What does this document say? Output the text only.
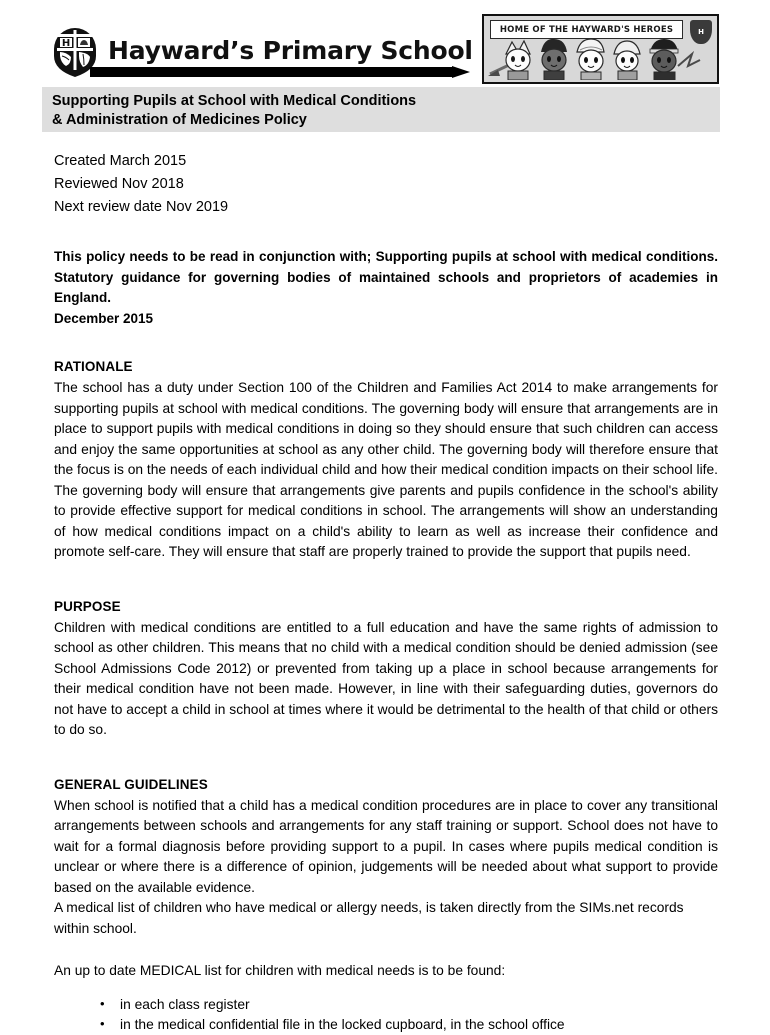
H Hayward’s Primary School
HOME OF THE HAYWARD'S HEROES	H
Supporting Pupils at School with Medical Conditions
& Administration of Medicines Policy

Created March 2015

Reviewed Nov 2018

Next review date Nov 2019

This policy needs to be read in conjunction with; Supporting pupils at school with medical conditions. Statutory guidance for governing bodies of maintained schools and proprietors of academies in England.
December 2015

RATIONALE

The school has a duty under Section 100 of the Children and Families Act 2014 to make arrangements for supporting pupils at school with medical conditions. The governing body will ensure that arrangements are in place to support pupils with medical conditions in doing so they should ensure that such children can access and enjoy the same opportunities at school as any other child. The governing body will therefore ensure that the focus is on the needs of each individual child and how their medical condition impacts on their school life. The governing body will ensure that arrangements give parents and pupils confidence in the school's ability to provide effective support for medical conditions in school. The arrangements will show an understanding of how medical conditions impact on a child's ability to learn as well as increase their confidence and promote self-care. They will ensure that staff are properly trained to provide the support that pupils need.

PURPOSE

Children with medical conditions are entitled to a full education and have the same rights of admission to school as other children. This means that no child with a medical condition should be denied admission (see School Admissions Code 2012) or prevented from taking up a place in school because arrangements for their medical condition have not been made. However, in line with their safeguarding duties, governors do not have to accept a child in school at times where it would be detrimental to the health of that child or others to do so.

GENERAL GUIDELINES

When school is notified that a child has a medical condition procedures are in place to cover any transitional arrangements between schools and arrangements for any staff training or support. School does not have to wait for a formal diagnosis before providing support to a pupil. In cases where pupils medical condition is unclear or where there is a difference of opinion, judgements will be needed about what support to provide based on the available evidence.

A medical list of children who have medical or allergy needs, is taken directly from the SIMs.net records within school.

An up to date MEDICAL list for children with medical needs is to be found:

• in each class register
• in the medical confidential file in the locked cupboard, in the school office
